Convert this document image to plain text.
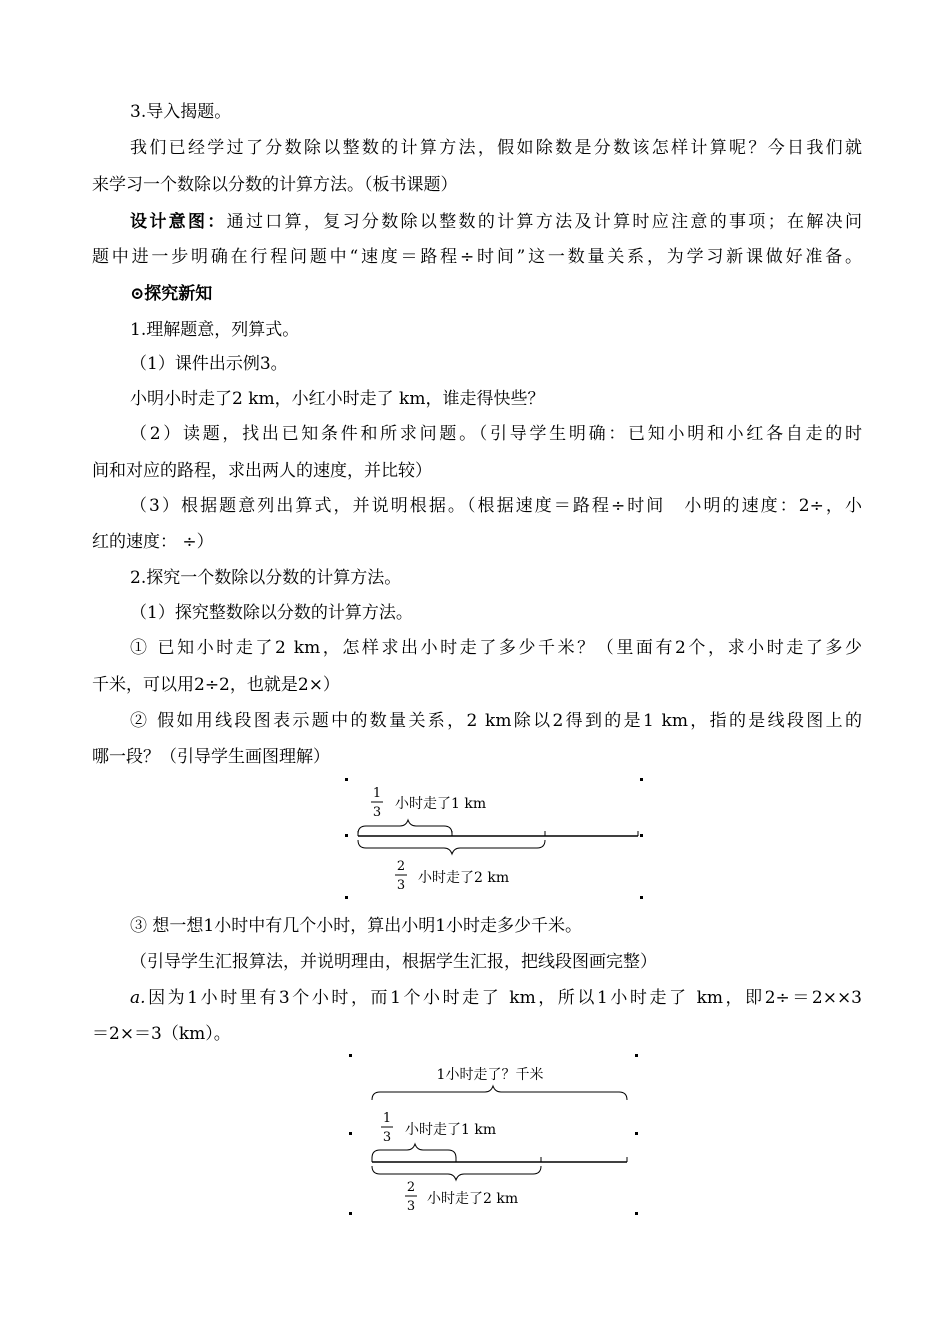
3.导入揭题。
我们已经学过了分数除以整数的计算方法，假如除数是分数该怎样计算呢？今日我们就
来学习一个数除以分数的计算方法。（板书课题）
设计意图：通过口算，复习分数除以整数的计算方法及计算时应注意的事项；在解决问
题中进一步明确在行程问题中“速度＝路程÷时间”这一数量关系，为学习新课做好准备。
⊙探究新知
1.理解题意，列算式。
（1）课件出示例3。
小明小时走了2 km，小红小时走了 km，谁走得快些？
（2）读题，找出已知条件和所求问题。（引导学生明确：已知小明和小红各自走的时
间和对应的路程，求出两人的速度，并比较）
（3）根据题意列出算式，并说明根据。（根据速度＝路程÷时间　小明的速度：2÷，小
红的速度： ÷）
2.探究一个数除以分数的计算方法。
（1）探究整数除以分数的计算方法。
① 已知小时走了2 km，怎样求出小时走了多少千米？（里面有2个，求小时走了多少
千米，可以用2÷2，也就是2×）
② 假如用线段图表示题中的数量关系，2 km除以2得到的是1 km，指的是线段图上的
哪一段？（引导学生画图理解）
1
3
小时走了1 km
2
3 小时走了2 km
③ 想一想1小时中有几个小时，算出小明1小时走多少千米。
（引导学生汇报算法，并说明理由，根据学生汇报，把线段图画完整）
a.因为1小时里有3个小时，而1个小时走了 km，所以1小时走了 km，即2÷＝2××3
＝2×＝3（km）。
1小时走了？千米
1
3 小时走了1 km
2
3 小时走了2 km
